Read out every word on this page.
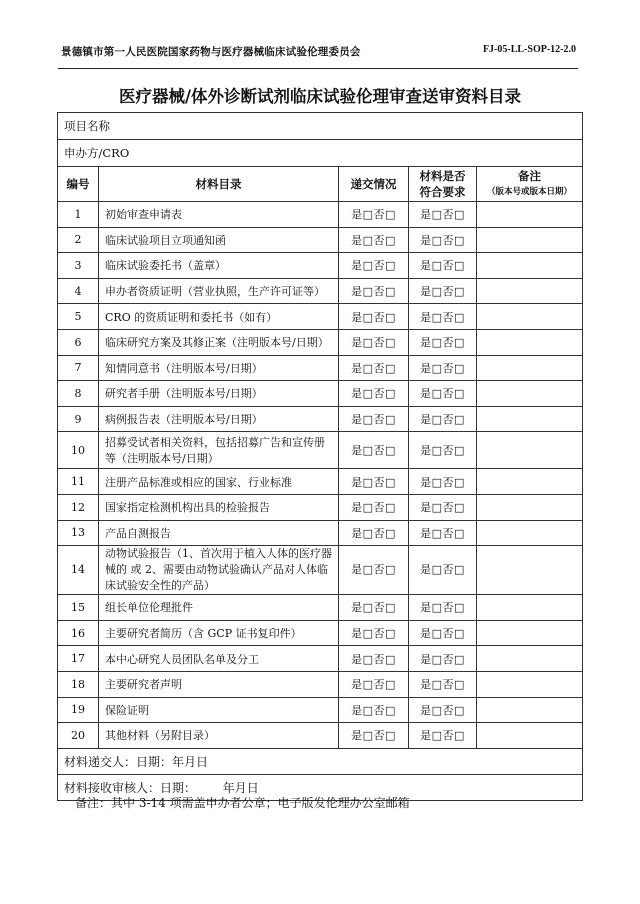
景德镇市第一人民医院国家药物与医疗器械临床试验伦理委员会	FJ-05-LL-SOP-12-2.0
医疗器械/体外诊断试剂临床试验伦理审查送审资料目录
项目名称				
申办方/CRO				
编号	材料目录	递交情况	材料是否符合要求	备注
（版本号或版本日期）

1	初始审查申请表	是□否□	是□否□	
2	临床试验项目立项通知函	是□否□	是□否□	
3	临床试验委托书（盖章）	是□否□	是□否□	
4	申办者资质证明（营业执照，生产许可证等）	是□否□	是□否□	
5	CRO 的资质证明和委托书（如有）	是□否□	是□否□	
6	临床研究方案及其修正案（注明版本号/日期）	是□否□	是□否□	
7	知情同意书（注明版本号/日期）	是□否□	是□否□	
8	研究者手册（注明版本号/日期）	是□否□	是□否□	
9	病例报告表（注明版本号/日期）	是□否□	是□否□	
10	招募受试者相关资料，包括招募广告和宣传册等（注明版本号/日期）	是□否□	是□否□	
11	注册产品标准或相应的国家、行业标准	是□否□	是□否□	
12	国家指定检测机构出具的检验报告	是□否□	是□否□	
13	产品自测报告	是□否□	是□否□	
14	动物试验报告（1、首次用于植入人体的医疗器械的 或 2、需要由动物试验确认产品对人体临床试验安全性的产品）	是□否□	是□否□	
15	组长单位伦理批件	是□否□	是□否□	
16	主要研究者简历（含 GCP 证书复印件）	是□否□	是□否□	
17	本中心研究人员团队名单及分工	是□否□	是□否□	
18	主要研究者声明	是□否□	是□否□	
19	保险证明	是□否□	是□否□	
20	其他材料（另附目录）	是□否□	是□否□	
材料递交人：日期：年月日				
材料接收审核人：日期：       年月日				
备注：其中 3-14 项需盖申办者公章；电子版发伦理办公室邮箱
